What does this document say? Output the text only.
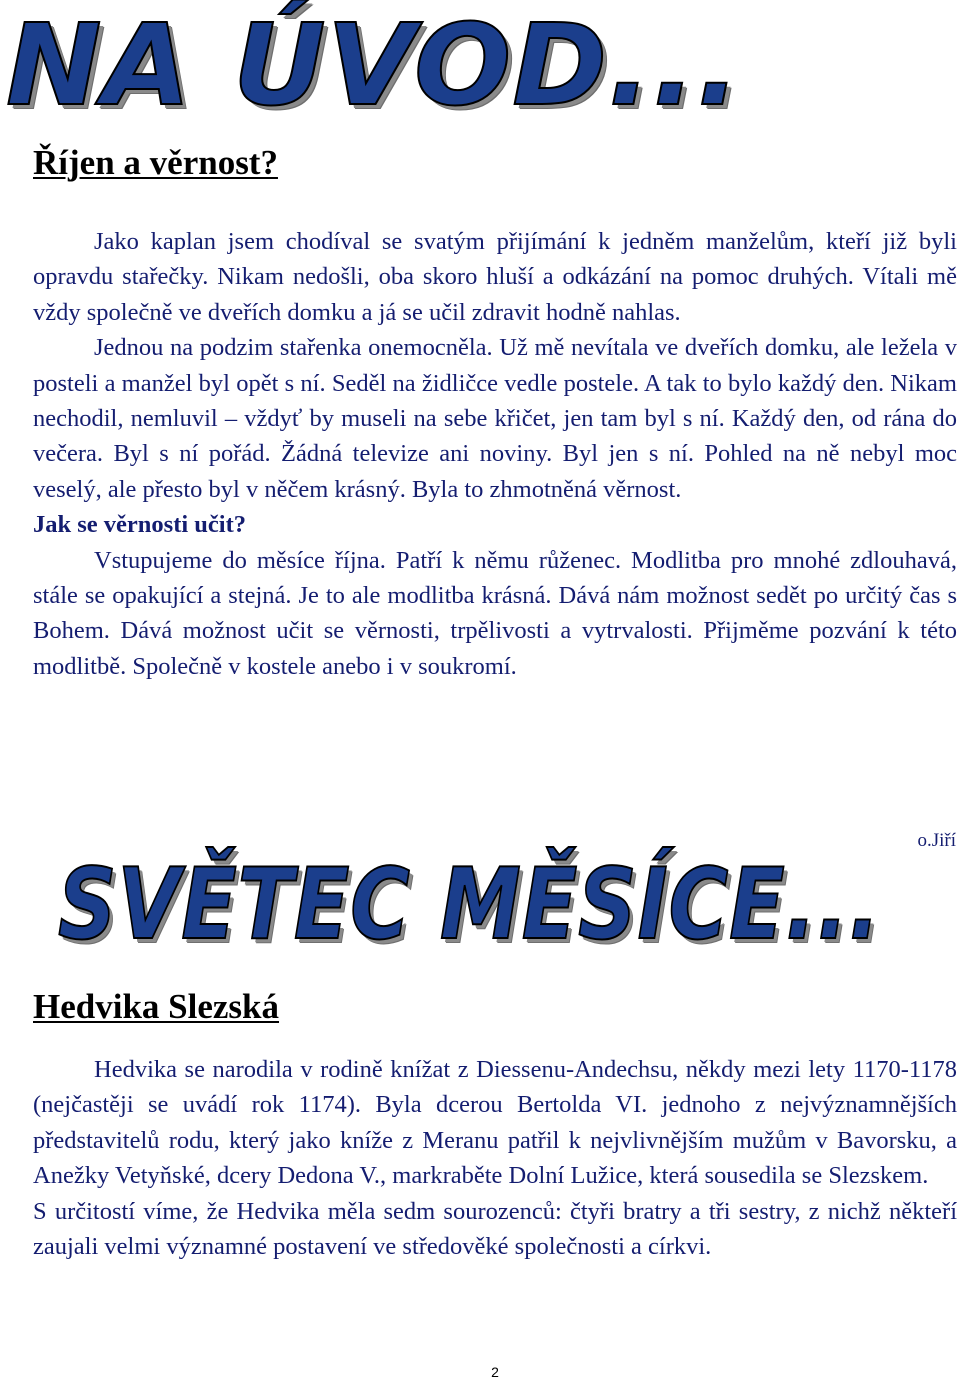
NA ÚVOD...
Říjen a věrnost?

Jako kaplan jsem chodíval se svatým přijímání k jedněm manželům, kteří již byli opravdu stařečky. Nikam nedošli, oba skoro hluší a odkázání na pomoc druhých. Vítali mě vždy společně ve dveřích domku a já se učil zdravit hodně nahlas.

Jednou na podzim stařenka onemocněla. Už mě nevítala ve dveřích domku, ale ležela v posteli a manžel byl opět s ní. Seděl na židličce vedle postele. A tak to bylo každý den. Nikam nechodil, nemluvil – vždyť by museli na sebe křičet, jen tam byl s ní. Každý den, od rána do večera. Byl s ní pořád. Žádná televize ani noviny. Byl jen s ní. Pohled na ně nebyl moc veselý, ale přesto byl v něčem krásný. Byla to zhmotněná věrnost.

Jak se věrnosti učit?

Vstupujeme do měsíce října. Patří k němu růženec. Modlitba pro mnohé zdlouhavá, stále se opakující a stejná. Je to ale modlitba krásná. Dává nám možnost sedět po určitý čas s Bohem. Dává možnost učit se věrnosti, trpělivosti a vytrvalosti. Přijměme pozvání k této modlitbě. Společně v kostele anebo i v soukromí.

o.Jiří
SVĚTEC MĚSÍCE...
Hedvika Slezská

Hedvika se narodila v rodině knížat z Diessenu-Andechsu, někdy mezi lety 1170-1178 (nejčastěji se uvádí rok 1174). Byla dcerou Bertolda VI. jednoho z nejvýznamnějších představitelů rodu, který jako kníže z Meranu patřil k nejvlivnějším mužům v Bavorsku, a Anežky Vetyňské, dcery Dedona V., markraběte Dolní Lužice, která sousedila se Slezskem.

S určitostí víme, že Hedvika měla sedm sourozenců: čtyři bratry a tři sestry, z nichž někteří zaujali velmi významné postavení ve středověké společnosti a církvi.

2
